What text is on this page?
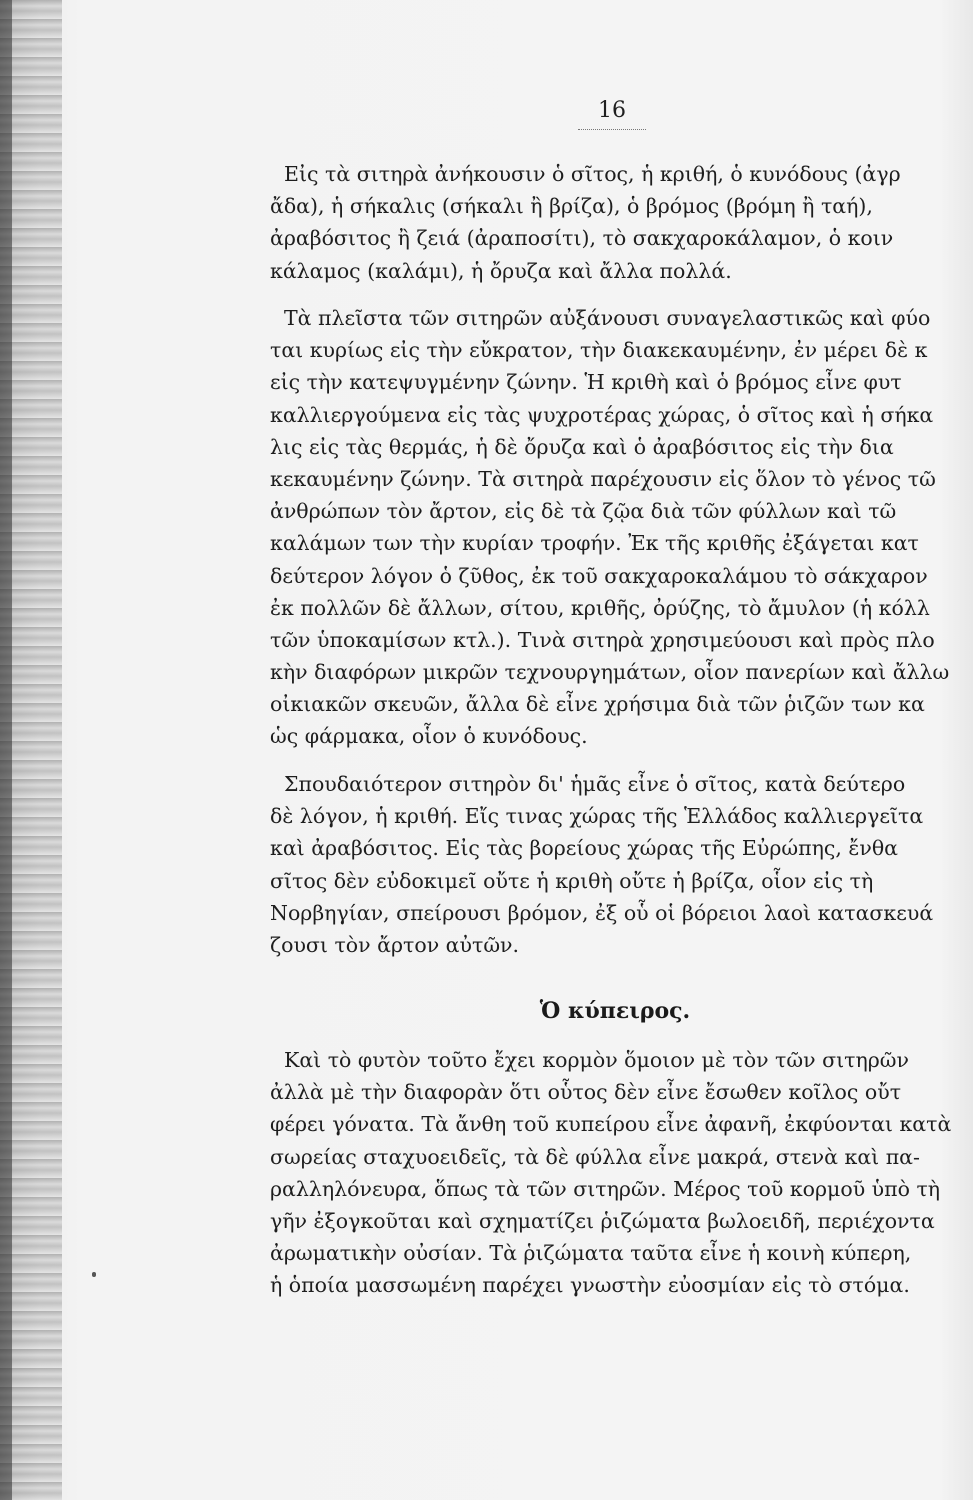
16
Εἰς τὰ σιτηρὰ ἀνήκουσιν ὁ σῖτος, ἡ κριθή, ὁ κυνόδους (ἀγρ
ἄδα), ἡ σήκαλις (σήκαλι ἢ βρίζα), ὁ βρόμος (βρόμη ἢ ταή),
ἀραβόσιτος ἢ ζειά (ἀραποσίτι), τὸ σακχαροκάλαμον, ὁ κοιν
κάλαμος (καλάμι), ἡ ὄρυζα καὶ ἄλλα πολλά.
Τὰ πλεῖστα τῶν σιτηρῶν αὐξάνουσι συναγελαστικῶς καὶ φύο
ται κυρίως εἰς τὴν εὔκρατον, τὴν διακεκαυμένην, ἐν μέρει δὲ κ
εἰς τὴν κατεψυγμένην ζώνην. Ἡ κριθὴ καὶ ὁ βρόμος εἶνε φυτ
καλλιεργούμενα εἰς τὰς ψυχροτέρας χώρας, ὁ σῖτος καὶ ἡ σήκα
λις εἰς τὰς θερμάς, ἡ δὲ ὄρυζα καὶ ὁ ἀραβόσιτος εἰς τὴν δια
κεκαυμένην ζώνην. Τὰ σιτηρὰ παρέχουσιν εἰς ὅλον τὸ γένος τῶ
ἀνθρώπων τὸν ἄρτον, εἰς δὲ τὰ ζῷα διὰ τῶν φύλλων καὶ τῶ
καλάμων των τὴν κυρίαν τροφήν. Ἐκ τῆς κριθῆς ἐξάγεται κατ
δεύτερον λόγον ὁ ζῦθος, ἐκ τοῦ σακχαροκαλάμου τὸ σάκχαρον
ἐκ πολλῶν δὲ ἄλλων, σίτου, κριθῆς, ὀρύζης, τὸ ἄμυλον (ἡ κόλλ
τῶν ὑποκαμίσων κτλ.). Τινὰ σιτηρὰ χρησιμεύουσι καὶ πρὸς πλο
κὴν διαφόρων μικρῶν τεχνουργημάτων, οἷον πανερίων καὶ ἄλλω
οἰκιακῶν σκευῶν, ἄλλα δὲ εἶνε χρήσιμα διὰ τῶν ῥιζῶν των κα
ὡς φάρμακα, οἷον ὁ κυνόδους.
Σπουδαιότερον σιτηρὸν δι' ἡμᾶς εἶνε ὁ σῖτος, κατὰ δεύτερο
δὲ λόγον, ἡ κριθή. Εἴς τινας χώρας τῆς Ἑλλάδος καλλιεργεῖτα
καὶ ἀραβόσιτος. Εἰς τὰς βορείους χώρας τῆς Εὐρώπης, ἔνθα
σῖτος δὲν εὐδοκιμεῖ οὔτε ἡ κριθὴ οὔτε ἡ βρίζα, οἷον εἰς τὴ
Νορβηγίαν, σπείρουσι βρόμον, ἐξ οὗ οἱ βόρειοι λαοὶ κατασκευά
ζουσι τὸν ἄρτον αὐτῶν.
Ὁ κύπειρος.
Καὶ τὸ φυτὸν τοῦτο ἔχει κορμὸν ὅμοιον μὲ τὸν τῶν σιτηρῶν
ἀλλὰ μὲ τὴν διαφορὰν ὅτι οὗτος δὲν εἶνε ἔσωθεν κοῖλος οὔτ
φέρει γόνατα. Τὰ ἄνθη τοῦ κυπείρου εἶνε ἀφανῆ, ἐκφύονται κατὰ
σωρείας σταχυοειδεῖς, τὰ δὲ φύλλα εἶνε μακρά, στενὰ καὶ πα-
ραλληλόνευρα, ὅπως τὰ τῶν σιτηρῶν. Μέρος τοῦ κορμοῦ ὑπὸ τὴ
γῆν ἐξογκοῦται καὶ σχηματίζει ῥιζώματα βωλοειδῆ, περιέχοντα
ἀρωματικὴν οὐσίαν. Τὰ ῥιζώματα ταῦτα εἶνε ἡ κοινὴ κύπερη,
ἡ ὁποία μασσωμένη παρέχει γνωστὴν εὐοσμίαν εἰς τὸ στόμα.
